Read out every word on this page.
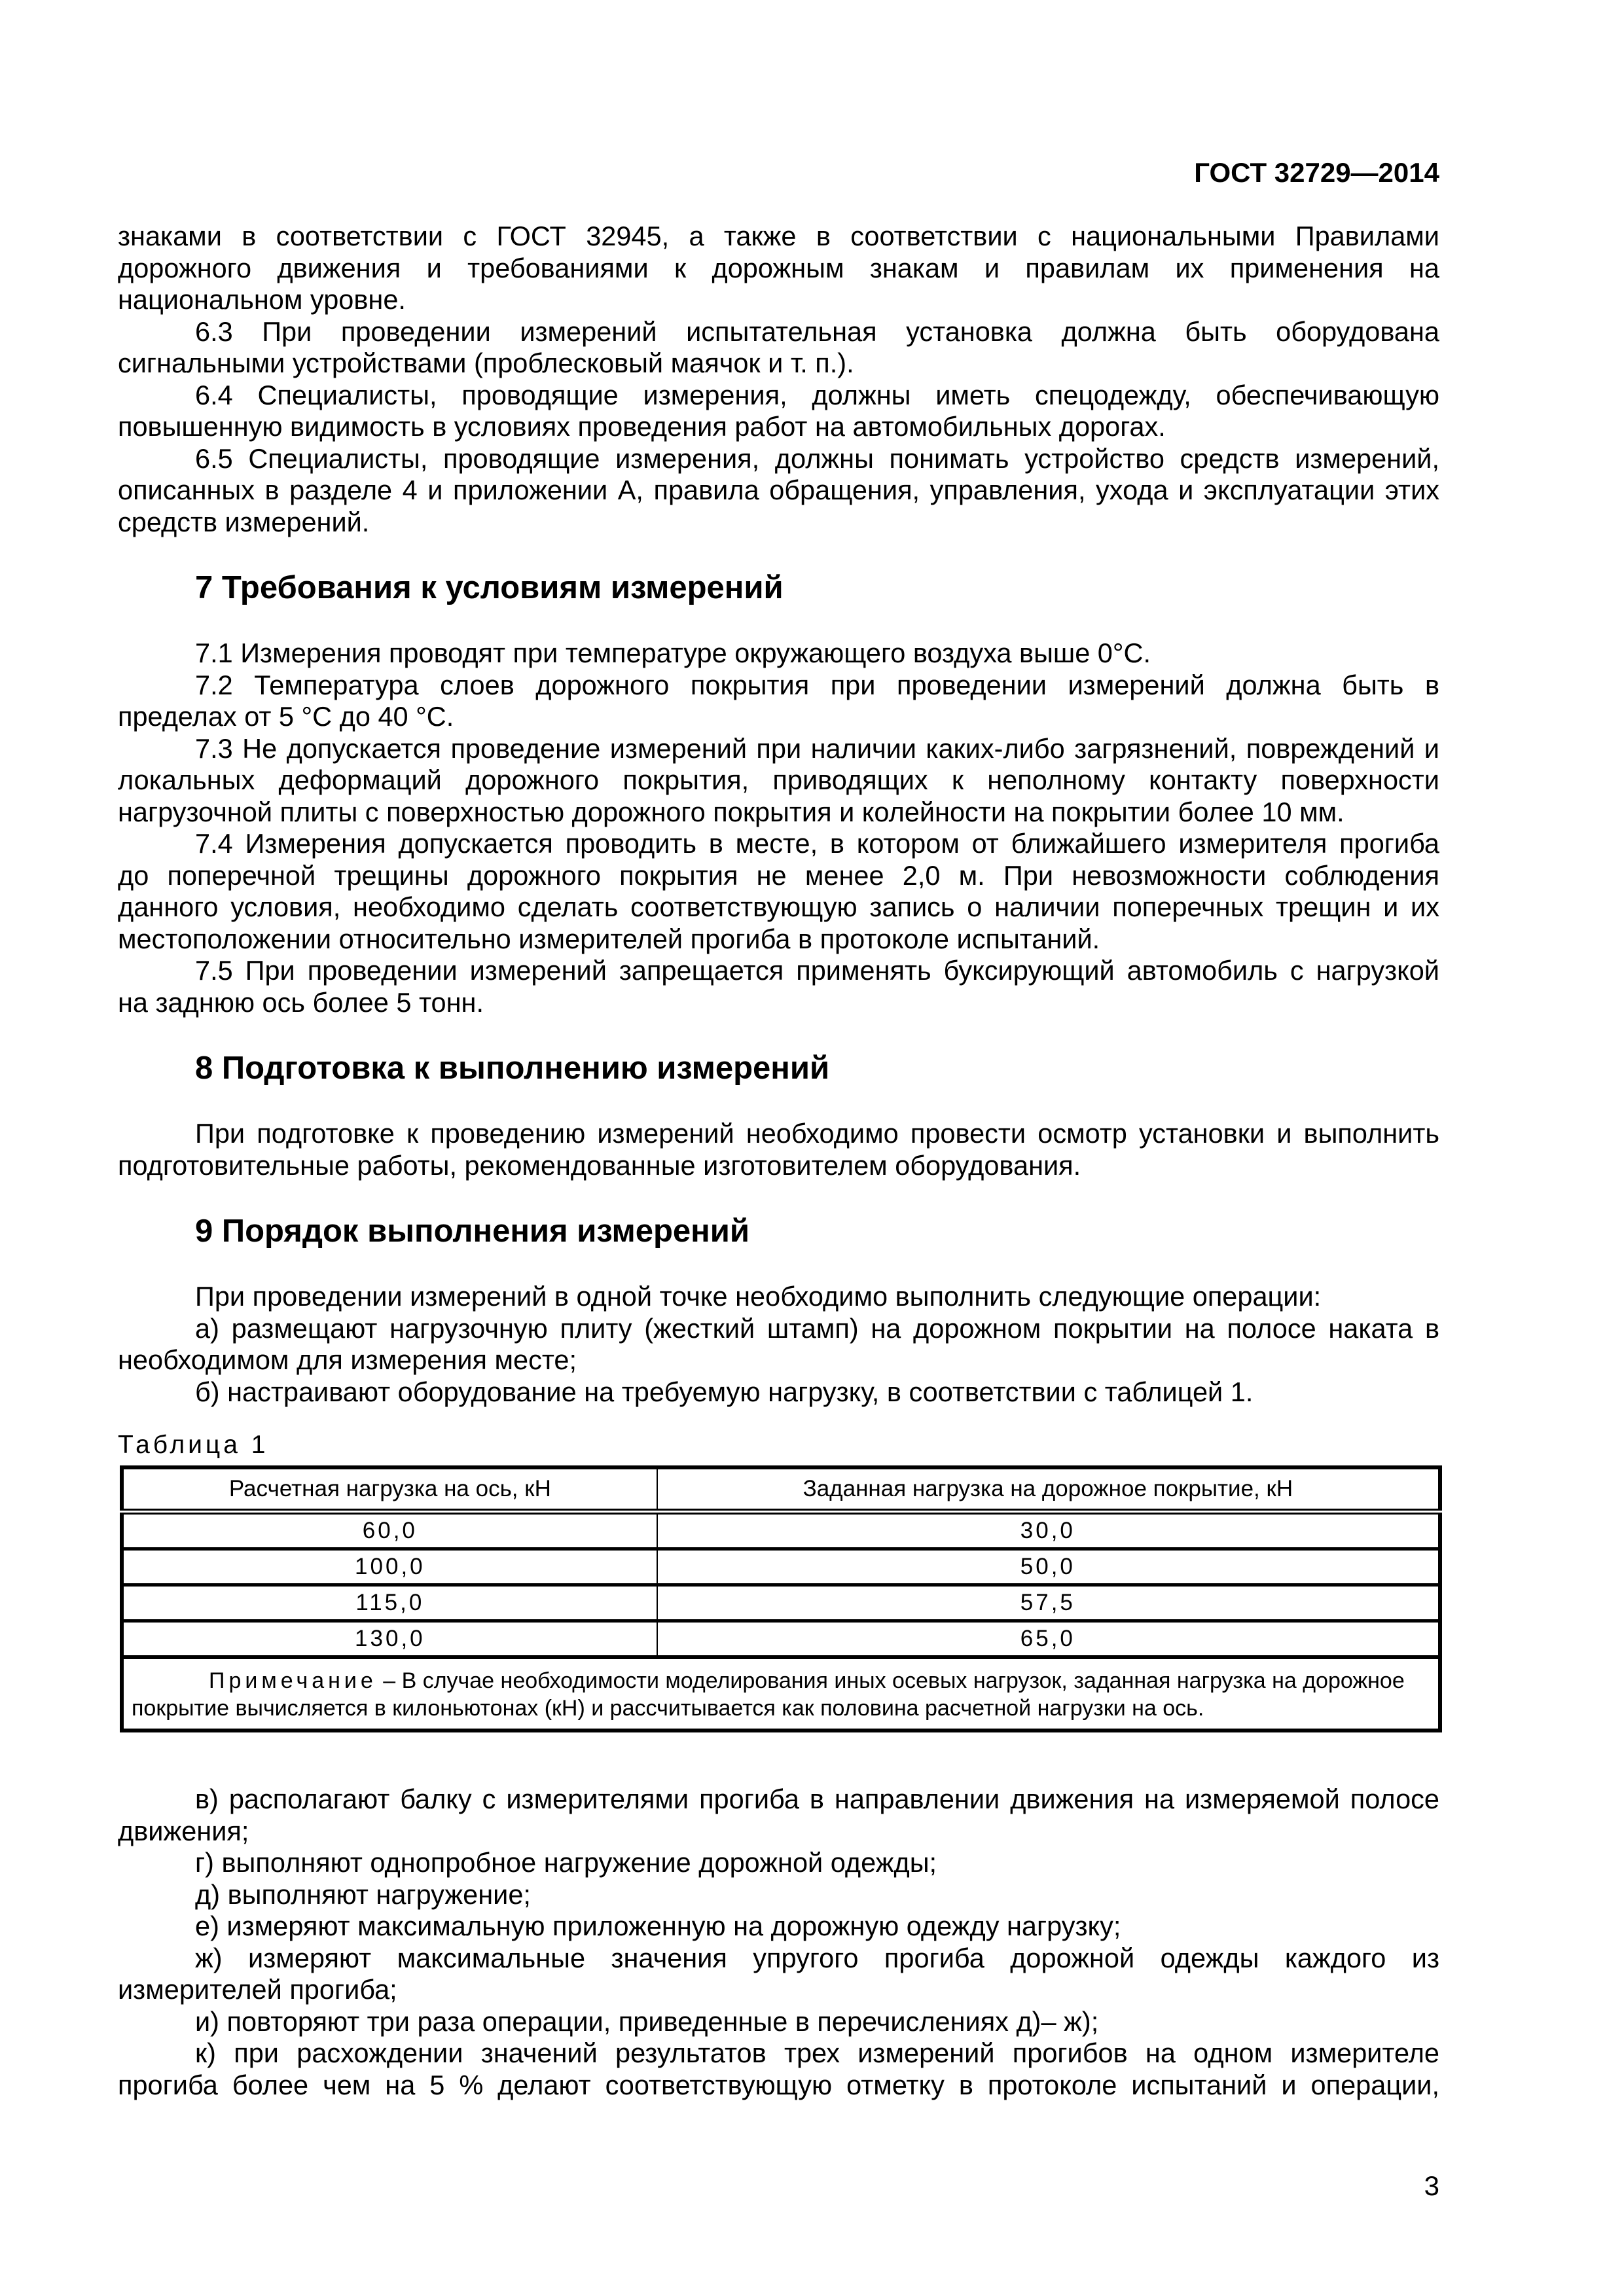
ГОСТ 32729—2014
знаками в соответствии с ГОСТ 32945, а также в соответствии с национальными Правилами
дорожного движения и требованиями к дорожным знакам и правилам их применения на
национальном уровне.
6.3 При проведении измерений испытательная установка должна быть оборудована
сигнальными устройствами (проблесковый маячок и т. п.).
6.4 Специалисты, проводящие измерения, должны иметь спецодежду, обеспечивающую
повышенную видимость в условиях проведения работ на автомобильных дорогах.
6.5 Специалисты, проводящие измерения, должны понимать устройство средств измерений,
описанных в разделе 4 и приложении А, правила обращения, управления, ухода и эксплуатации этих
средств измерений.
7 Требования к условиям измерений
7.1 Измерения проводят при температуре окружающего воздуха выше 0°С.
7.2 Температура слоев дорожного покрытия при проведении измерений должна быть в
пределах от 5 °С до 40 °С.
7.3 Не допускается проведение измерений при наличии каких-либо загрязнений, повреждений и
локальных деформаций дорожного покрытия, приводящих к неполному контакту поверхности
нагрузочной плиты с поверхностью дорожного покрытия и колейности на покрытии более 10 мм.
7.4 Измерения допускается проводить в месте, в котором от ближайшего измерителя прогиба
до поперечной трещины дорожного покрытия не менее 2,0 м. При невозможности соблюдения
данного условия, необходимо сделать соответствующую запись о наличии поперечных трещин и их
местоположении относительно измерителей прогиба в протоколе испытаний.
7.5 При проведении измерений запрещается применять буксирующий автомобиль с нагрузкой
на заднюю ось более 5 тонн.
8 Подготовка к выполнению измерений
При подготовке к проведению измерений необходимо провести осмотр установки и выполнить
подготовительные работы, рекомендованные изготовителем оборудования.
9 Порядок выполнения измерений
При проведении измерений в одной точке необходимо выполнить следующие операции:
а) размещают нагрузочную плиту (жесткий штамп) на дорожном покрытии на полосе наката в
необходимом для измерения месте;
б) настраивают оборудование на требуемую нагрузку, в соответствии с таблицей 1.
Таблица 1
Расчетная нагрузка на ось, кН	Заданная нагрузка на дорожное покрытие, кН
60,0	30,0
100,0	50,0
115,0	57,5
130,0	65,0
Примечание – В случае необходимости моделирования иных осевых нагрузок, заданная нагрузка на дорожное покрытие вычисляется в килоньютонах (кН) и рассчитывается как половина расчетной нагрузки на ось.	
в) располагают балку с измерителями прогиба в направлении движения на измеряемой полосе
движения;
г) выполняют однопробное нагружение дорожной одежды;
д) выполняют нагружение;
е) измеряют максимальную приложенную на дорожную одежду нагрузку;
ж) измеряют максимальные значения упругого прогиба дорожной одежды каждого из
измерителей прогиба;
и) повторяют три раза операции, приведенные в перечислениях д)‒ ж);
к) при расхождении значений результатов трех измерений прогибов на одном измерителе
прогиба более чем на 5 % делают соответствующую отметку в протоколе испытаний и операции,
3
